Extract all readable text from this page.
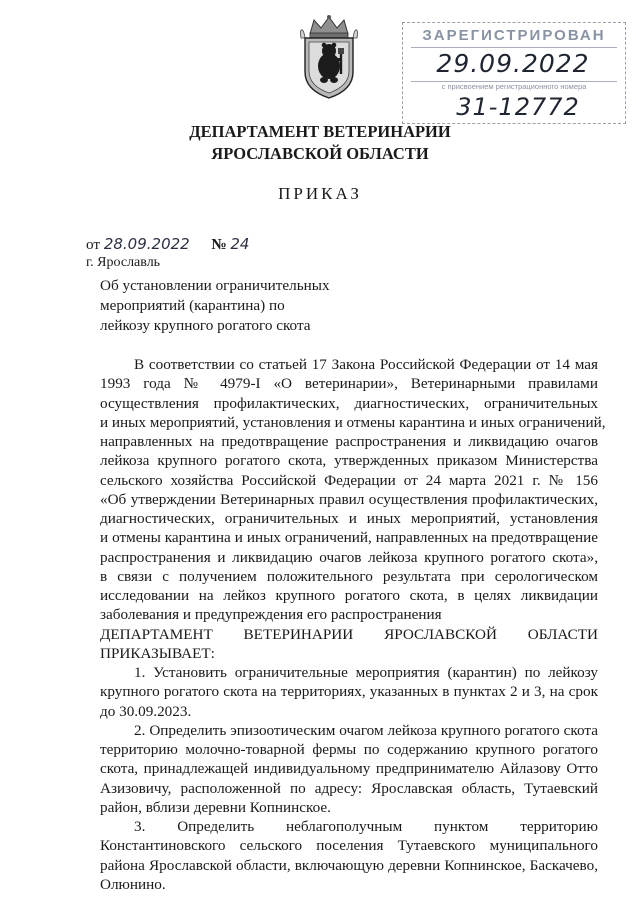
ЗАРЕГИСТРИРОВАН
29.09.2022
с присвоением регистрационного номера
31-12772
ДЕПАРТАМЕНТ ВЕТЕРИНАРИИ
ЯРОСЛАВСКОЙ ОБЛАСТИ
ПРИКАЗ
от 28.09.2022 № 24
г. Ярославль
Об установлении ограничительных
мероприятий (карантина) по
лейкозу крупного рогатого скота
В соответствии со статьей 17 Закона Российской Федерации от 14 мая
1993 года № 4979-I «О ветеринарии», Ветеринарными правилами
осуществления профилактических, диагностических, ограничительных
и иных мероприятий, установления и отмены карантина и иных ограничений,
направленных на предотвращение распространения и ликвидацию очагов
лейкоза крупного рогатого скота, утвержденных приказом Министерства
сельского хозяйства Российской Федерации от 24 марта 2021 г. № 156
«Об утверждении Ветеринарных правил осуществления профилактических,
диагностических, ограничительных и иных мероприятий, установления
и отмены карантина и иных ограничений, направленных на предотвращение
распространения и ликвидацию очагов лейкоза крупного рогатого скота»,
в связи с получением положительного результата при серологическом
исследовании на лейкоз крупного рогатого скота, в целях ликвидации
заболевания и предупреждения его распространения
ДЕПАРТАМЕНТ ВЕТЕРИНАРИИ ЯРОСЛАВСКОЙ ОБЛАСТИ
ПРИКАЗЫВАЕТ:
1. Установить ограничительные мероприятия (карантин) по лейкозу
крупного рогатого скота на территориях, указанных в пунктах 2 и 3, на срок
до 30.09.2023.
2. Определить эпизоотическим очагом лейкоза крупного рогатого скота
территорию молочно-товарной фермы по содержанию крупного рогатого
скота, принадлежащей индивидуальному предпринимателю Айлазову Отто
Азизовичу, расположенной по адресу: Ярославская область, Тутаевский
район, вблизи деревни Копнинское.
3. Определить неблагополучным пунктом территорию
Константиновского сельского поселения Тутаевского муниципального
района Ярославской области, включающую деревни Копнинское, Баскачево,
Олюнино.
